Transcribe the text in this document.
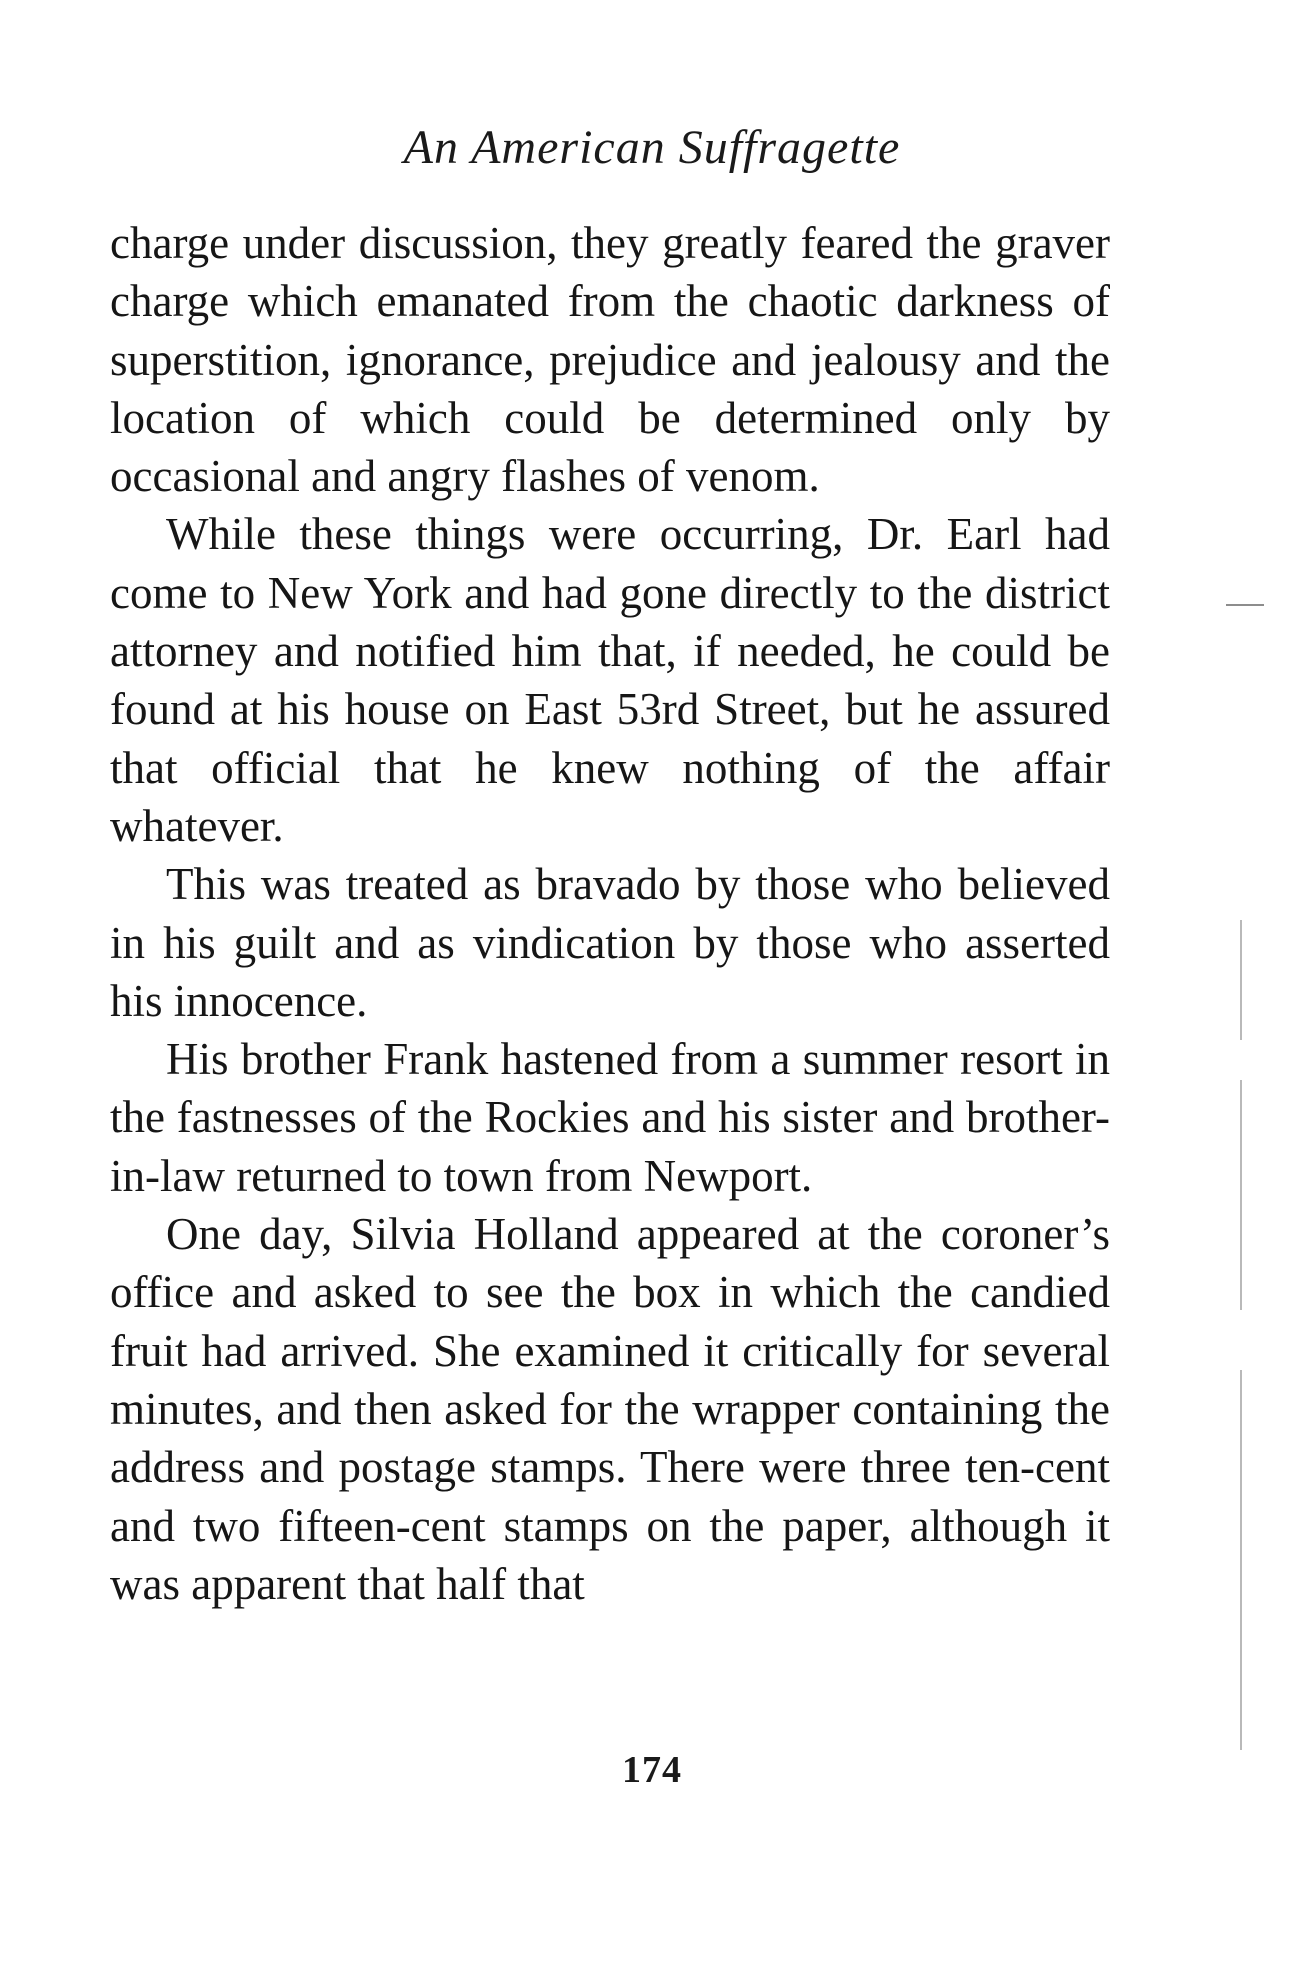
An American Suffragette

charge under discussion, they greatly feared the graver charge which emanated from the chaotic darkness of superstition, ignorance, prejudice and jealousy and the location of which could be determined only by occasional and angry flashes of venom.

While these things were occurring, Dr. Earl had come to New York and had gone directly to the district attorney and notified him that, if needed, he could be found at his house on East 53rd Street, but he assured that official that he knew nothing of the affair whatever.

This was treated as bravado by those who believed in his guilt and as vindication by those who asserted his innocence.

His brother Frank hastened from a summer resort in the fastnesses of the Rockies and his sister and brother-in-law returned to town from Newport.

One day, Silvia Holland appeared at the coroner’s office and asked to see the box in which the candied fruit had arrived. She examined it critically for several minutes, and then asked for the wrapper containing the address and postage stamps. There were three ten-cent and two fifteen-cent stamps on the paper, although it was apparent that half that

174
